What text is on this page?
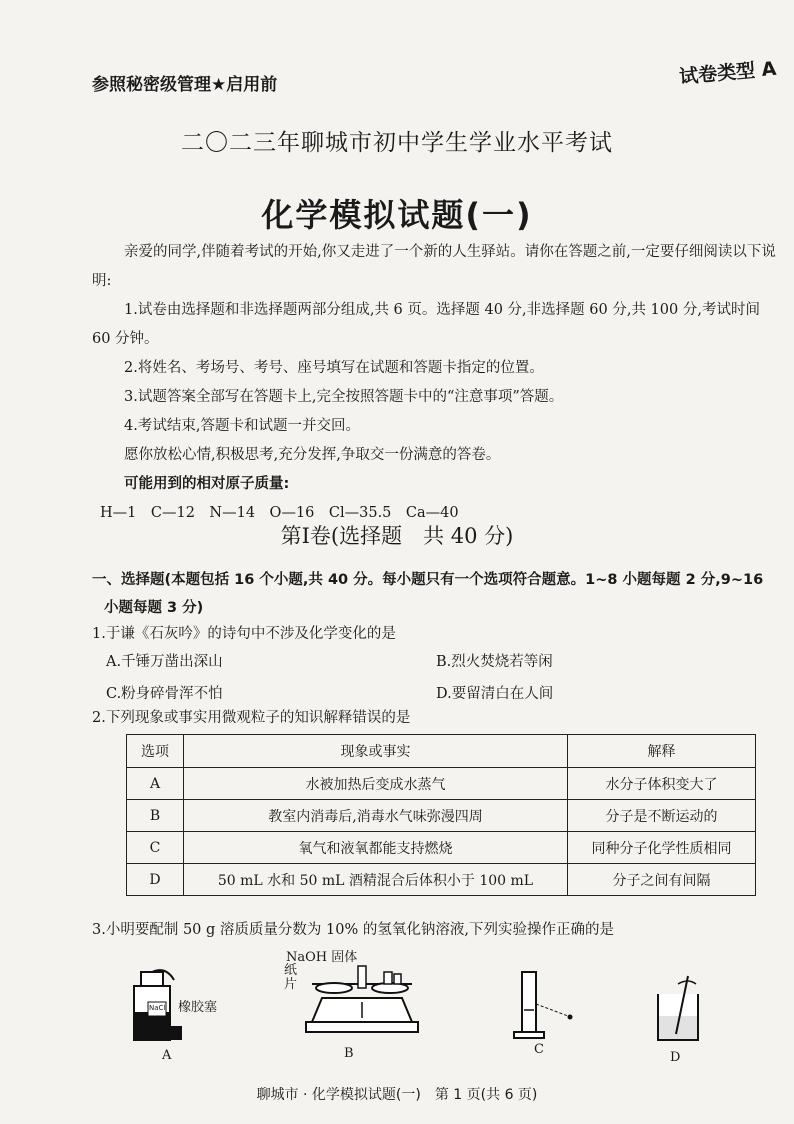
参照秘密级管理★启用前	试卷类型 A
二〇二三年聊城市初中学生学业水平考试
化学模拟试题(一)
亲爱的同学,伴随着考试的开始,你又走进了一个新的人生驿站。请你在答题之前,一定要仔细阅读以下说明:
1.试卷由选择题和非选择题两部分组成,共 6 页。选择题 40 分,非选择题 60 分,共 100 分,考试时间 60 分钟。
2.将姓名、考场号、考号、座号填写在试题和答题卡指定的位置。
3.试题答案全部写在答题卡上,完全按照答题卡中的“注意事项”答题。
4.考试结束,答题卡和试题一并交回。
愿你放松心情,积极思考,充分发挥,争取交一份满意的答卷。
可能用到的相对原子质量:
H—1　C—12　N—14　O—16　Cl—35.5　Ca—40
第Ⅰ卷(选择题　共 40 分)
一、选择题(本题包括 16 个小题,共 40 分。每小题只有一个选项符合题意。1~8 小题每题 2 分,9~16 小题每题 3 分)
1.于谦《石灰吟》的诗句中不涉及化学变化的是
A.千锤万凿出深山	B.烈火焚烧若等闲
C.粉身碎骨浑不怕	D.要留清白在人间
2.下列现象或事实用微观粒子的知识解释错误的是
选项	现象或事实	解释
A	水被加热后变成水蒸气	水分子体积变大了
B	教室内消毒后,消毒水气味弥漫四周	分子是不断运动的
C	氧气和液氧都能支持燃烧	同种分子化学性质相同
D	50 mL 水和 50 mL 酒精混合后体积小于 100 mL	分子之间有间隔
3.小明要配制 50 g 溶质质量分数为 10% 的氢氧化钠溶液,下列实验操作正确的是
NaCl 橡胶塞
A
NaOH 固体
纸片
B	C
D
聊城市 · 化学模拟试题(一)　第 1 页(共 6 页)
